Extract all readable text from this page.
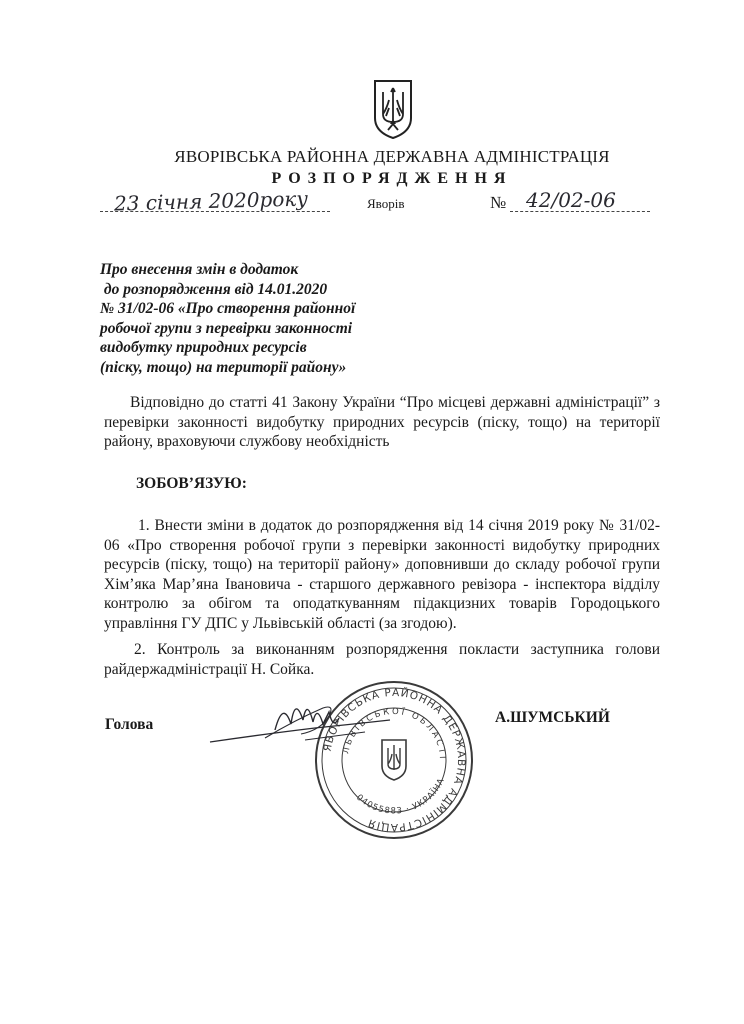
ЯВОРІВСЬКА РАЙОННА ДЕРЖАВНА АДМІНІСТРАЦІЯ
РОЗПОРЯДЖЕННЯ
23 січня 2020року	Яворів	№ 42/02-06
Про внесення змін в додаток
до розпорядження від 14.01.2020
№ 31/02-06 «Про створення районної
робочої групи з перевірки законності
видобутку природних ресурсів
(піску, тощо) на території району»
Відповідно до статті 41 Закону України “Про місцеві державні адміністрації” з перевірки законності видобутку природних ресурсів (піску, тощо) на території району, враховуючи службову необхідність
ЗОБОВ’ЯЗУЮ:
1. Внести зміни в додаток до розпорядження від 14 січня 2019 року № 31/02-06 «Про створення робочої групи з перевірки законності видобутку природних ресурсів (піску, тощо) на території району» доповнивши до складу робочої групи Хім’яка Мар’яна Івановича - старшого державного ревізора - інспектора відділу контролю за обігом та оподаткуванням підакцизних товарів Городоцького управління ГУ ДПС у Львівській області (за згодою).
2. Контроль за виконанням розпорядження покласти заступника голови райдержадміністрації Н. Сойка.
Голова	А.ШУМСЬКИЙ
ЯВОРІВСЬКА РАЙОННА ДЕРЖАВНА АДМІНІСТРАЦІЯ
ЛЬВІВСЬКОЇ ОБЛАСТІ
04055883 · УКРАЇНА
